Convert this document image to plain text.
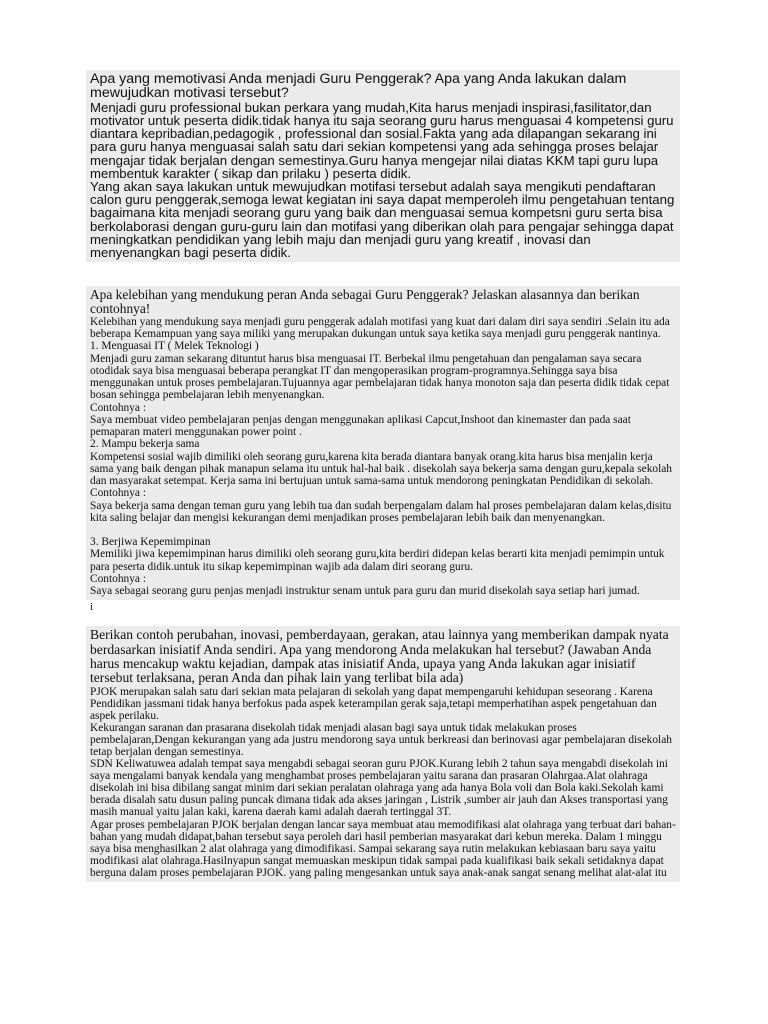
Apa yang memotivasi Anda menjadi Guru Penggerak? Apa yang Anda lakukan dalam mewujudkan motivasi tersebut?

Menjadi guru professional bukan perkara yang mudah,Kita harus menjadi inspirasi,fasilitator,dan motivator untuk peserta didik.tidak hanya itu saja seorang guru harus menguasai 4 kompetensi guru diantara kepribadian,pedagogik , professional dan sosial.Fakta yang ada dilapangan sekarang ini para guru hanya menguasai salah satu dari sekian kompetensi yang ada sehingga proses belajar mengajar tidak berjalan dengan semestinya.Guru hanya mengejar nilai diatas KKM tapi guru lupa membentuk karakter ( sikap dan prilaku ) peserta didik.

Yang akan saya lakukan untuk mewujudkan motifasi tersebut adalah saya mengikuti pendaftaran calon guru penggerak,semoga lewat kegiatan ini saya dapat memperoleh ilmu pengetahuan tentang bagaimana kita menjadi seorang guru yang baik dan menguasai semua kompetsni guru serta bisa berkolaborasi dengan guru-guru lain dan motifasi yang diberikan olah para pengajar sehingga dapat meningkatkan pendidikan yang lebih maju dan menjadi guru yang kreatif , inovasi dan menyenangkan bagi peserta didik.

Apa kelebihan yang mendukung peran Anda sebagai Guru Penggerak? Jelaskan alasannya dan berikan contohnya!

Kelebihan yang mendukung saya menjadi guru penggerak adalah motifasi yang kuat dari dalam diri saya sendiri .Selain itu ada beberapa Kemampuan yang saya miliki yang merupakan dukungan untuk saya ketika saya menjadi guru penggerak nantinya.

1. Menguasai IT ( Melek Teknologi )

Menjadi guru zaman sekarang dituntut harus bisa menguasai IT. Berbekal ilmu pengetahuan dan pengalaman saya secara otodidak saya bisa menguasai beberapa perangkat IT dan mengoperasikan program-programnya.Sehingga saya bisa menggunakan untuk proses pembelajaran.Tujuannya agar pembelajaran tidak hanya monoton saja dan peserta didik tidak cepat bosan sehingga pembelajaran lebih menyenangkan.

Contohnya :

Saya membuat video pembelajaran penjas dengan menggunakan aplikasi Capcut,Inshoot dan kinemaster dan pada saat pemaparan materi menggunakan power point .

2. Mampu bekerja sama

Kompetensi sosial wajib dimiliki oleh seorang guru,karena kita berada diantara banyak orang.kita harus bisa menjalin kerja sama yang baik dengan pihak manapun selama itu untuk hal-hal baik . disekolah saya bekerja sama dengan guru,kepala sekolah dan masyarakat setempat. Kerja sama ini bertujuan untuk sama-sama untuk mendorong peningkatan Pendidikan di sekolah.

Contohnya :

Saya bekerja sama dengan teman guru yang lebih tua dan sudah berpengalam dalam hal proses pembelajaran dalam kelas,disitu kita saling belajar dan mengisi kekurangan demi menjadikan proses pembelajaran lebih baik dan menyenangkan.

3. Berjiwa Kepemimpinan

Memiliki jiwa kepemimpinan harus dimiliki oleh seorang guru,kita berdiri didepan kelas berarti kita menjadi pemimpin untuk para peserta didik.untuk itu sikap kepemimpinan wajib ada dalam diri seorang guru.

Contohnya :

Saya sebagai seorang guru penjas menjadi instruktur senam untuk para guru dan murid disekolah saya setiap hari jumad.

i

Berikan contoh perubahan, inovasi, pemberdayaan, gerakan, atau lainnya yang memberikan dampak nyata berdasarkan inisiatif Anda sendiri. Apa yang mendorong Anda melakukan hal tersebut? (Jawaban Anda harus mencakup waktu kejadian, dampak atas inisiatif Anda, upaya yang Anda lakukan agar inisiatif tersebut terlaksana, peran Anda dan pihak lain yang terlibat bila ada)

PJOK merupakan salah satu dari sekian mata pelajaran di sekolah yang dapat mempengaruhi kehidupan seseorang . Karena Pendidikan jassmani tidak hanya berfokus pada aspek keterampilan gerak saja,tetapi memperhatihan aspek pengetahuan dan aspek perilaku.

Kekurangan saranan dan prasarana disekolah tidak menjadi alasan bagi saya untuk tidak melakukan proses pembelajaran,Dengan kekurangan yang ada justru mendorong saya untuk berkreasi dan berinovasi agar pembelajaran disekolah tetap berjalan dengan semestinya.

SDN Keliwatuwea adalah tempat saya mengabdi sebagai seoran guru PJOK.Kurang lebih 2 tahun saya mengabdi disekolah ini saya mengalami banyak kendala yang menghambat proses pembelajaran yaitu sarana dan prasaran Olahrgaa.Alat olahraga disekolah ini bisa dibilang sangat minim dari sekian peralatan olahraga yang ada hanya Bola voli dan Bola kaki.Sekolah kami berada disalah satu dusun paling puncak dimana tidak ada akses jaringan , Listrik ,sumber air jauh dan Akses transportasi yang masih manual yaitu jalan kaki, karena daerah kami adalah daerah tertinggal 3T.

Agar proses pembelajaran PJOK berjalan dengan lancar saya membuat atau memodifikasi alat olahraga yang terbuat dari bahan- bahan yang mudah didapat,bahan tersebut saya peroleh dari hasil pemberian masyarakat dari kebun mereka. Dalam 1 minggu saya bisa menghasilkan 2 alat olahraga yang dimodifikasi. Sampai sekarang saya rutin melakukan kebiasaan baru saya yaitu modifikasi alat olahraga.Hasilnyapun sangat memuaskan meskipun tidak sampai pada kualifikasi baik sekali setidaknya dapat berguna dalam proses pembelajaran PJOK. yang paling mengesankan untuk saya anak-anak sangat senang melihat alat-alat itu
